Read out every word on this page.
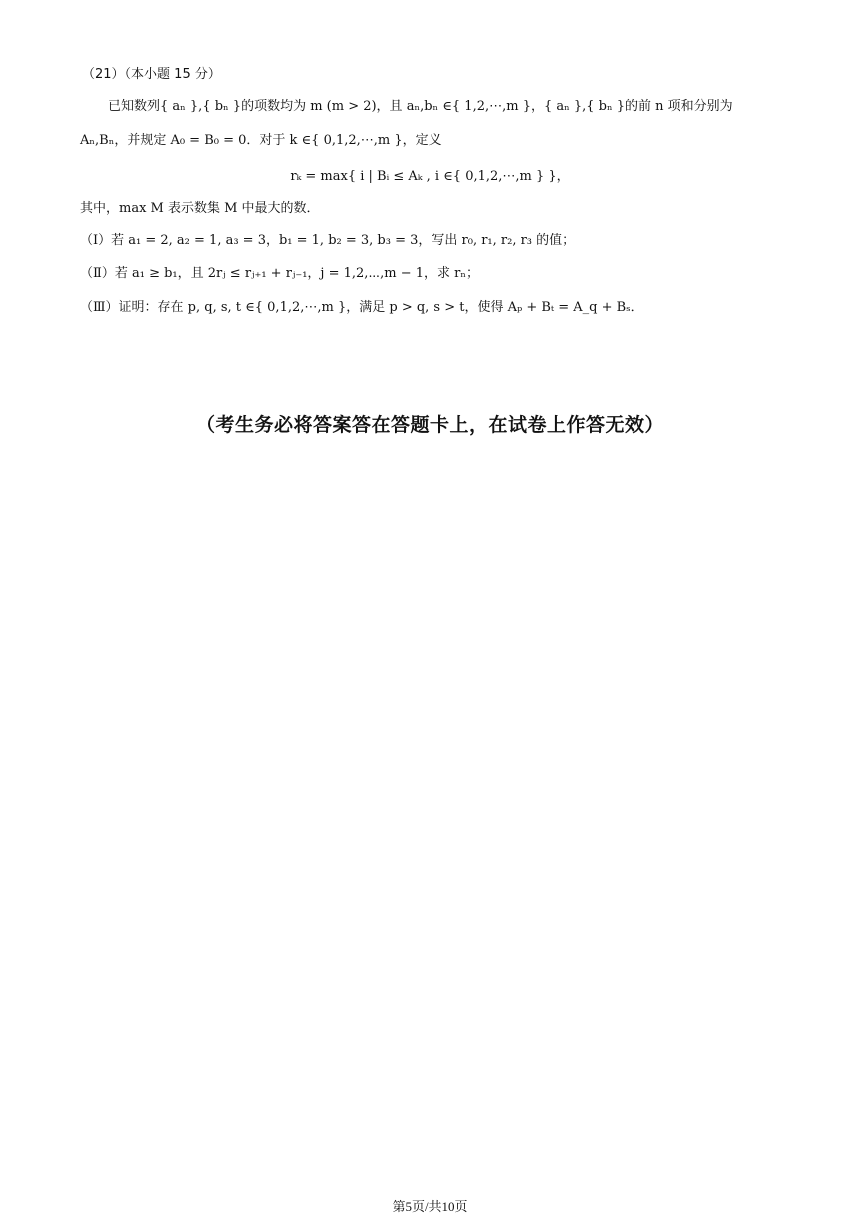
（21）（本小题 15 分）
已知数列{ aₙ },{ bₙ }的项数均为 m (m > 2)，且 aₙ,bₙ ∈{ 1,2,⋯,m }，{ aₙ },{ bₙ }的前 n 项和分别为
Aₙ,Bₙ，并规定 A₀ = B₀ = 0．对于 k ∈{ 0,1,2,⋯,m }，定义
rₖ = max{ i | Bᵢ ≤ Aₖ , i ∈{ 0,1,2,⋯,m } }，
其中，max M 表示数集 M 中最大的数．
（Ⅰ）若 a₁ = 2, a₂ = 1, a₃ = 3，b₁ = 1, b₂ = 3, b₃ = 3，写出 r₀, r₁, r₂, r₃ 的值；
（Ⅱ）若 a₁ ≥ b₁，且 2rⱼ ≤ rⱼ₊₁ + rⱼ₋₁，j = 1,2,⋯,m − 1，求 rₙ；
（Ⅲ）证明：存在 p, q, s, t ∈{ 0,1,2,⋯,m }，满足 p > q, s > t，使得 Aₚ + Bₜ = A_q + Bₛ．
（考生务必将答案答在答题卡上，在试卷上作答无效）
第5页/共10页
